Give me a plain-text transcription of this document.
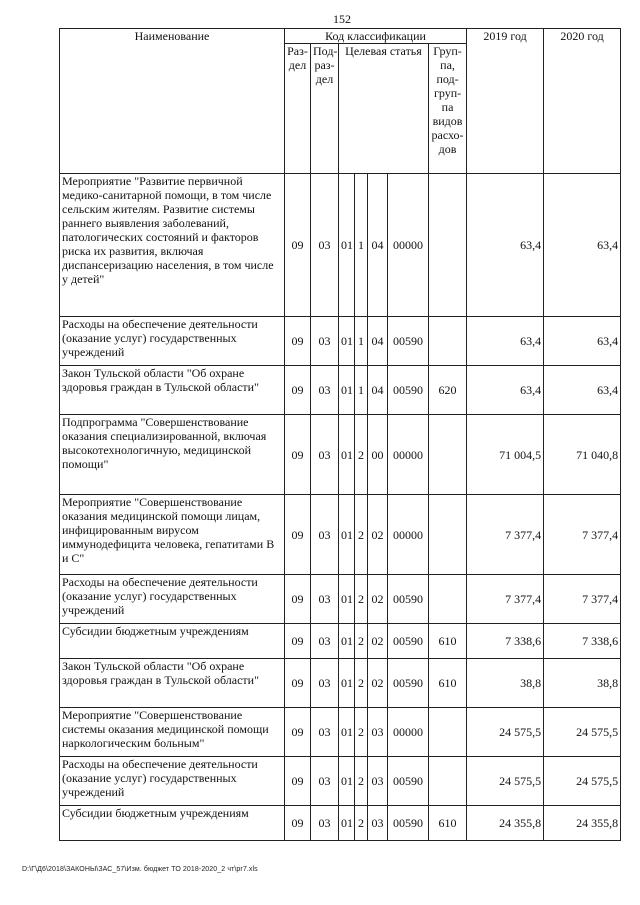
152
Наименование	Код классификации							2019 год	2020 год
	Раз-дел	Под-раз-дел	Целевая статья				Груп-па, под-груп-па видов расхо-дов		
Мероприятие "Развитие первичной медико-санитарной помощи, в том числе сельским жителям. Развитие системы раннего выявления заболеваний, патологических состояний и факторов риска их развития, включая диспансеризацию населения, в том числе у детей"	09	03	01	1	04	00000		63,4	63,4
Расходы на обеспечение деятельности (оказание услуг) государственных учреждений	09	03	01	1	04	00590		63,4	63,4
Закон Тульской области "Об охране здоровья граждан в Тульской области"	09	03	01	1	04	00590	620	63,4	63,4
Подпрограмма "Совершенствование оказания специализированной, включая высокотехнологичную, медицинской помощи"	09	03	01	2	00	00000		71 004,5	71 040,8
Мероприятие "Совершенствование оказания медицинской помощи лицам, инфицированным вирусом иммунодефицита человека, гепатитами В и С"	09	03	01	2	02	00000		7 377,4	7 377,4
Расходы на обеспечение деятельности (оказание услуг) государственных учреждений	09	03	01	2	02	00590		7 377,4	7 377,4
Субсидии бюджетным учреждениям	09	03	01	2	02	00590	610	7 338,6	7 338,6
Закон Тульской области "Об охране здоровья граждан в Тульской области"	09	03	01	2	02	00590	610	38,8	38,8
Мероприятие "Совершенствование системы оказания медицинской помощи наркологическим больным"	09	03	01	2	03	00000		24 575,5	24 575,5
Расходы на обеспечение деятельности (оказание услуг) государственных учреждений	09	03	01	2	03	00590		24 575,5	24 575,5
Субсидии бюджетным учреждениям	09	03	01	2	03	00590	610	24 355,8	24 355,8
D:\Г\Д6\2018\ЗАКОНЫ\ЗАС_57\Изм. бюджет ТО 2018-2020_2 чт\pr7.xls
